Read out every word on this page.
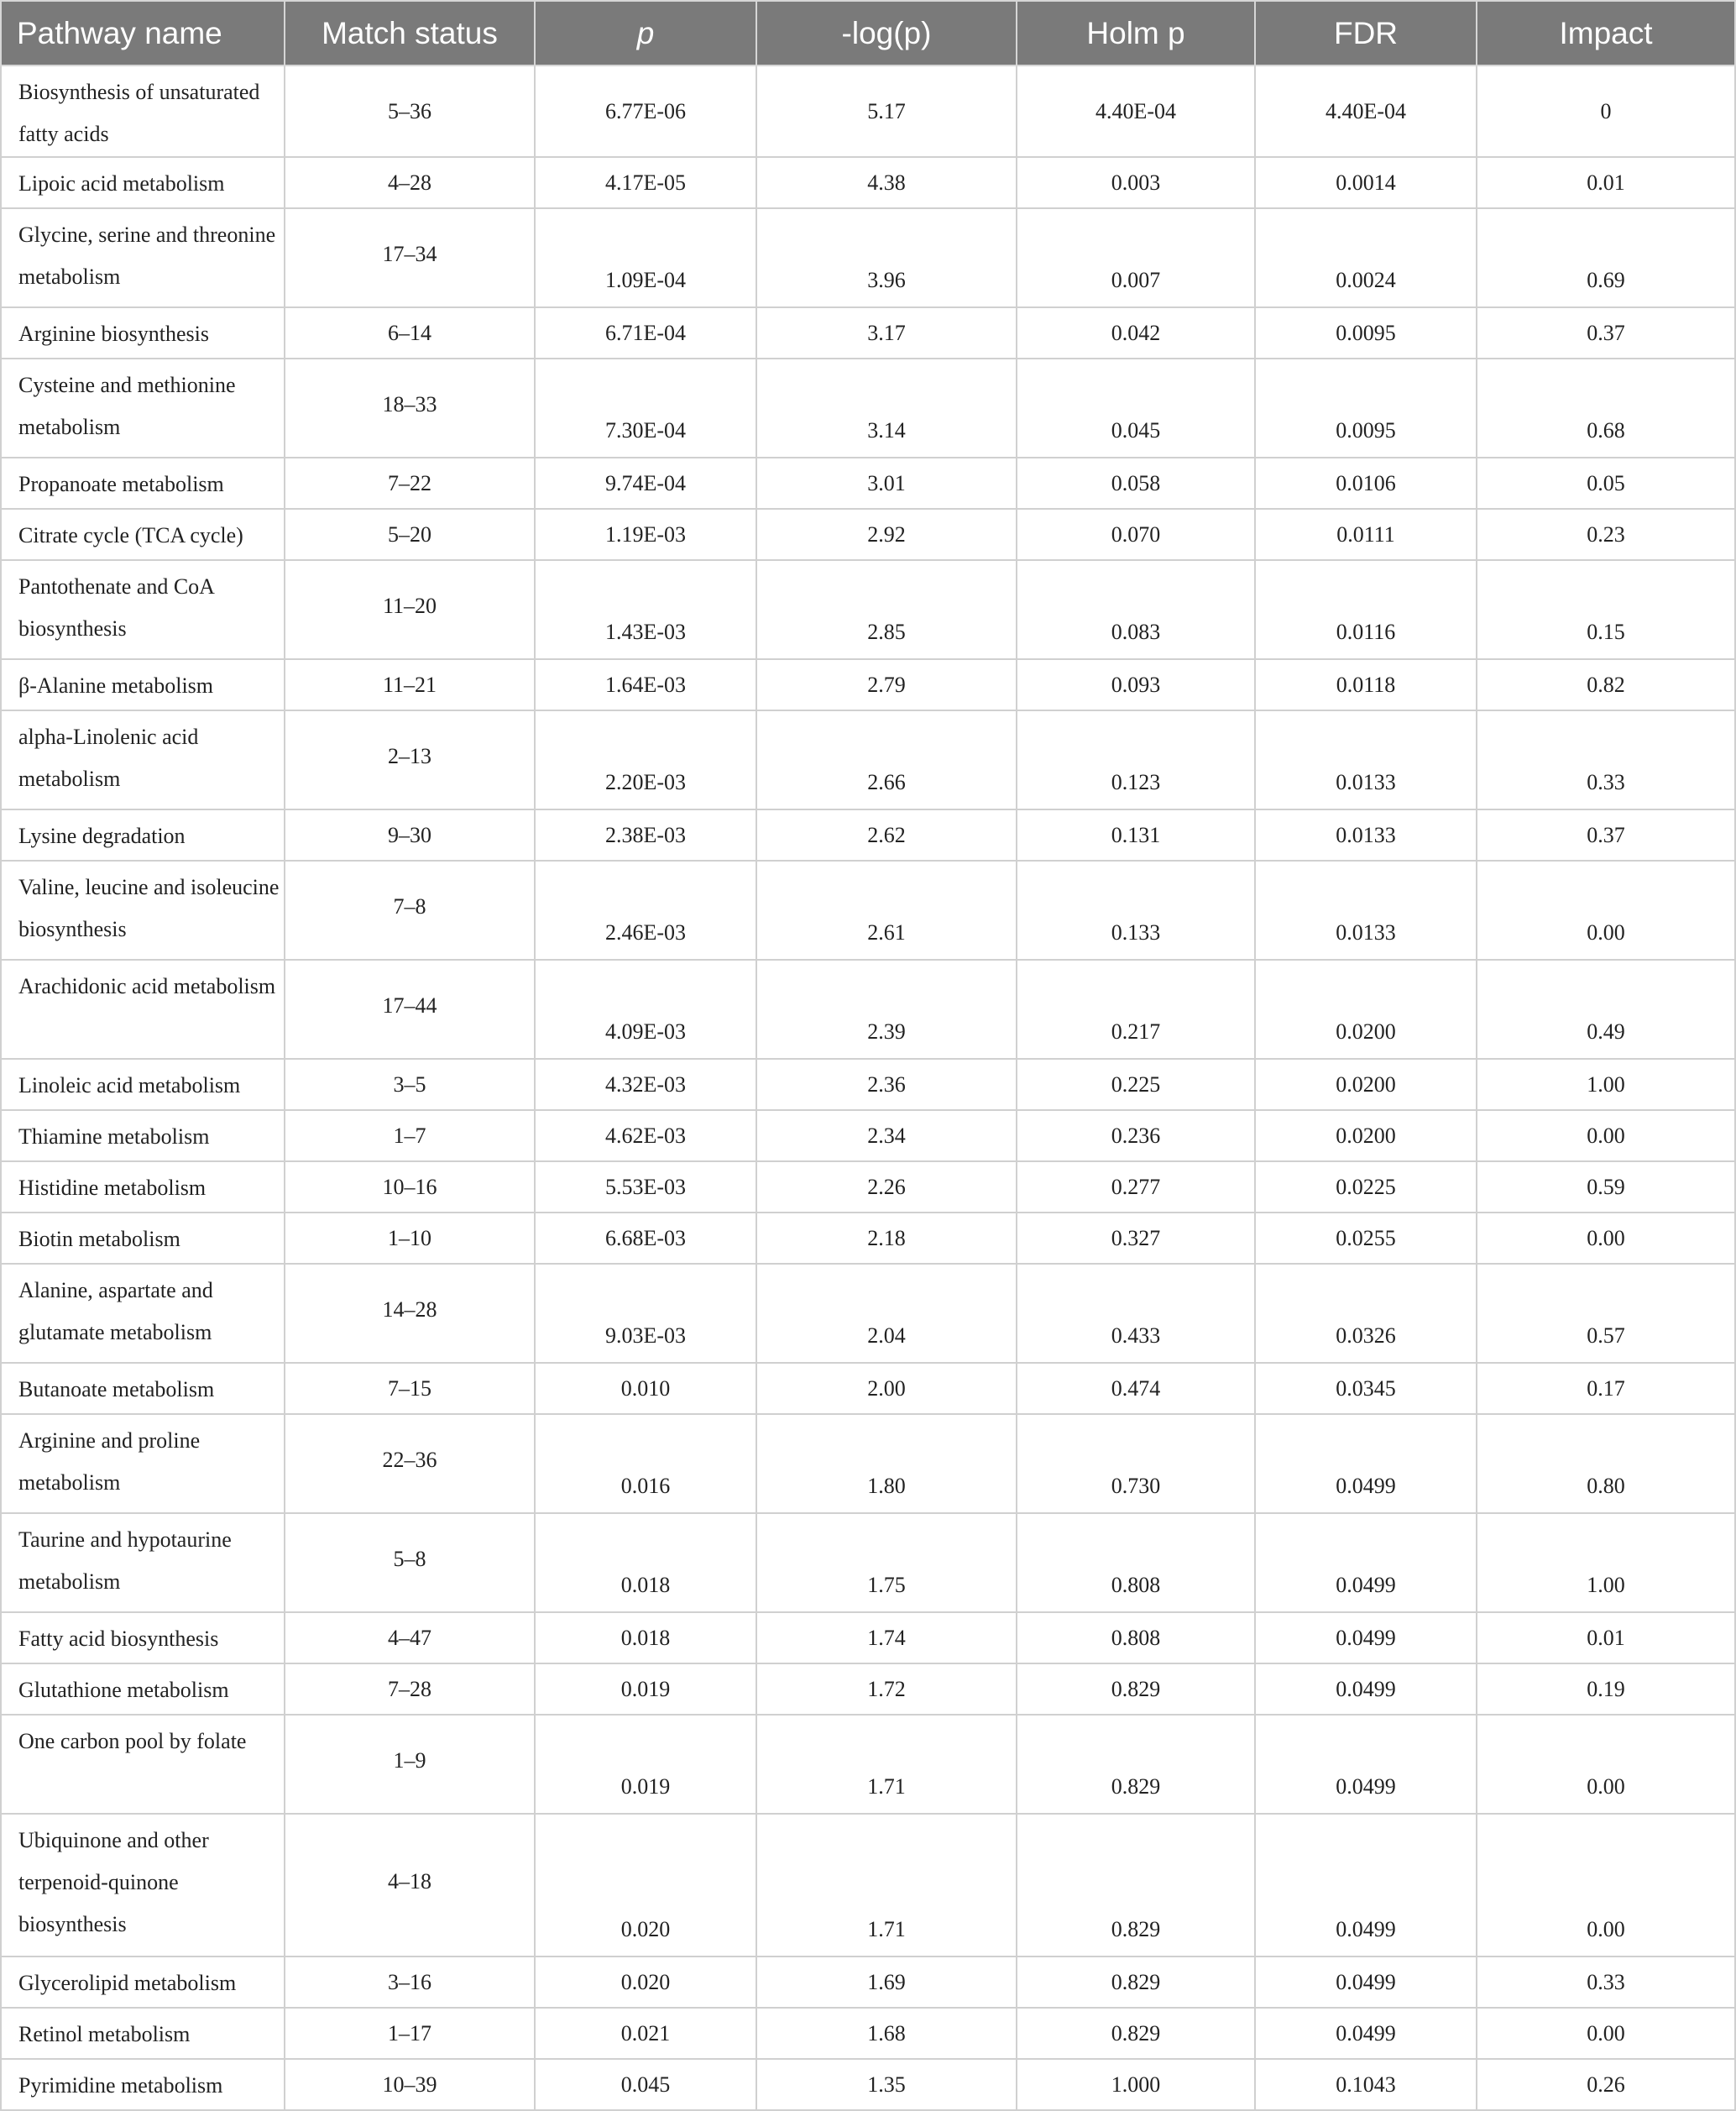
Pathway name	Match status	p	-log(p)	Holm p	FDR	Impact
Biosynthesis of unsaturated fatty acids	5–36	6.77E-06	5.17	4.40E-04	4.40E-04	0
Lipoic acid metabolism	4–28	4.17E-05	4.38	0.003	0.0014	0.01
Glycine, serine and threonine metabolism	17–34	1.09E-04	3.96	0.007	0.0024	0.69
Arginine biosynthesis	6–14	6.71E-04	3.17	0.042	0.0095	0.37
Cysteine and methionine metabolism	18–33	7.30E-04	3.14	0.045	0.0095	0.68
Propanoate metabolism	7–22	9.74E-04	3.01	0.058	0.0106	0.05
Citrate cycle (TCA cycle)	5–20	1.19E-03	2.92	0.070	0.0111	0.23
Pantothenate and CoA biosynthesis	11–20	1.43E-03	2.85	0.083	0.0116	0.15
β-Alanine metabolism	11–21	1.64E-03	2.79	0.093	0.0118	0.82
alpha-Linolenic acid metabolism	2–13	2.20E-03	2.66	0.123	0.0133	0.33
Lysine degradation	9–30	2.38E-03	2.62	0.131	0.0133	0.37
Valine, leucine and isoleucine biosynthesis	7–8	2.46E-03	2.61	0.133	0.0133	0.00
Arachidonic acid metabolism	17–44	4.09E-03	2.39	0.217	0.0200	0.49
Linoleic acid metabolism	3–5	4.32E-03	2.36	0.225	0.0200	1.00
Thiamine metabolism	1–7	4.62E-03	2.34	0.236	0.0200	0.00
Histidine metabolism	10–16	5.53E-03	2.26	0.277	0.0225	0.59
Biotin metabolism	1–10	6.68E-03	2.18	0.327	0.0255	0.00
Alanine, aspartate and glutamate metabolism	14–28	9.03E-03	2.04	0.433	0.0326	0.57
Butanoate metabolism	7–15	0.010	2.00	0.474	0.0345	0.17
Arginine and proline metabolism	22–36	0.016	1.80	0.730	0.0499	0.80
Taurine and hypotaurine metabolism	5–8	0.018	1.75	0.808	0.0499	1.00
Fatty acid biosynthesis	4–47	0.018	1.74	0.808	0.0499	0.01
Glutathione metabolism	7–28	0.019	1.72	0.829	0.0499	0.19
One carbon pool by folate	1–9	0.019	1.71	0.829	0.0499	0.00
Ubiquinone and other terpenoid-quinone biosynthesis	4–18	0.020	1.71	0.829	0.0499	0.00
Glycerolipid metabolism	3–16	0.020	1.69	0.829	0.0499	0.33
Retinol metabolism	1–17	0.021	1.68	0.829	0.0499	0.00
Pyrimidine metabolism	10–39	0.045	1.35	1.000	0.1043	0.26
